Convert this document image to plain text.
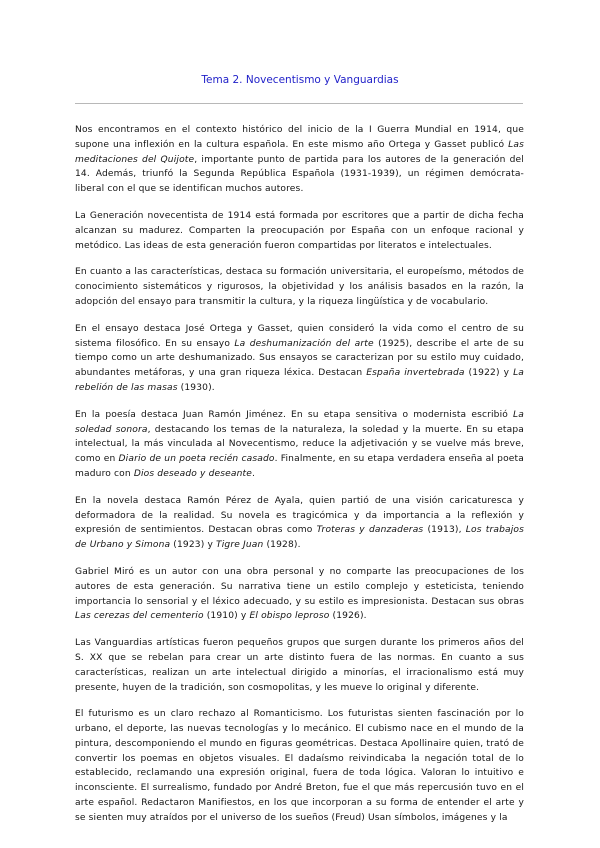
Tema 2. Novecentismo y Vanguardias

Nos encontramos en el contexto histórico del inicio de la I Guerra Mundial en 1914, que supone una inflexión en la cultura española. En este mismo año Ortega y Gasset publicó Las meditaciones del Quijote, importante punto de partida para los autores de la generación del 14. Además, triunfó la Segunda República Española (1931-1939), un régimen demócrata-liberal con el que se identifican muchos autores.

La Generación novecentista de 1914 está formada por escritores que a partir de dicha fecha alcanzan su madurez. Comparten la preocupación por España con un enfoque racional y metódico. Las ideas de esta generación fueron compartidas por literatos e intelectuales.

En cuanto a las características, destaca su formación universitaria, el europeísmo, métodos de conocimiento sistemáticos y rigurosos, la objetividad y los análisis basados en la razón, la adopción del ensayo para transmitir la cultura, y la riqueza lingüística y de vocabulario.

En el ensayo destaca José Ortega y Gasset, quien consideró la vida como el centro de su sistema filosófico. En su ensayo La deshumanización del arte (1925), describe el arte de su tiempo como un arte deshumanizado. Sus ensayos se caracterizan por su estilo muy cuidado, abundantes metáforas, y una gran riqueza léxica. Destacan España invertebrada (1922) y La rebelión de las masas (1930).

En la poesía destaca Juan Ramón Jiménez. En su etapa sensitiva o modernista escribió La soledad sonora, destacando los temas de la naturaleza, la soledad y la muerte. En su etapa intelectual, la más vinculada al Novecentismo, reduce la adjetivación y se vuelve más breve, como en Diario de un poeta recién casado. Finalmente, en su etapa verdadera enseña al poeta maduro con Dios deseado y deseante.

En la novela destaca Ramón Pérez de Ayala, quien partió de una visión caricaturesca y deformadora de la realidad. Su novela es tragicómica y da importancia a la reflexión y expresión de sentimientos. Destacan obras como Troteras y danzaderas (1913), Los trabajos de Urbano y Simona (1923) y Tigre Juan (1928).

Gabriel Miró es un autor con una obra personal y no comparte las preocupaciones de los autores de esta generación. Su narrativa tiene un estilo complejo y esteticista, teniendo importancia lo sensorial y el léxico adecuado, y su estilo es impresionista. Destacan sus obras Las cerezas del cementerio (1910) y El obispo leproso (1926).

Las Vanguardias artísticas fueron pequeños grupos que surgen durante los primeros años del S. XX que se rebelan para crear un arte distinto fuera de las normas. En cuanto a sus características, realizan un arte intelectual dirigido a minorías, el irracionalismo está muy presente, huyen de la tradición, son cosmopolitas, y les mueve lo original y diferente.

El futurismo es un claro rechazo al Romanticismo. Los futuristas sienten fascinación por lo urbano, el deporte, las nuevas tecnologías y lo mecánico. El cubismo nace en el mundo de la pintura, descomponiendo el mundo en figuras geométricas. Destaca Apollinaire quien, trató de convertir los poemas en objetos visuales. El dadaísmo reivindicaba la negación total de lo establecido, reclamando una expresión original, fuera de toda lógica. Valoran lo intuitivo e inconsciente. El surrealismo, fundado por André Breton, fue el que más repercusión tuvo en el arte español. Redactaron Manifiestos, en los que incorporan a su forma de entender el arte y se sienten muy atraídos por el universo de los sueños (Freud) Usan símbolos, imágenes y la
